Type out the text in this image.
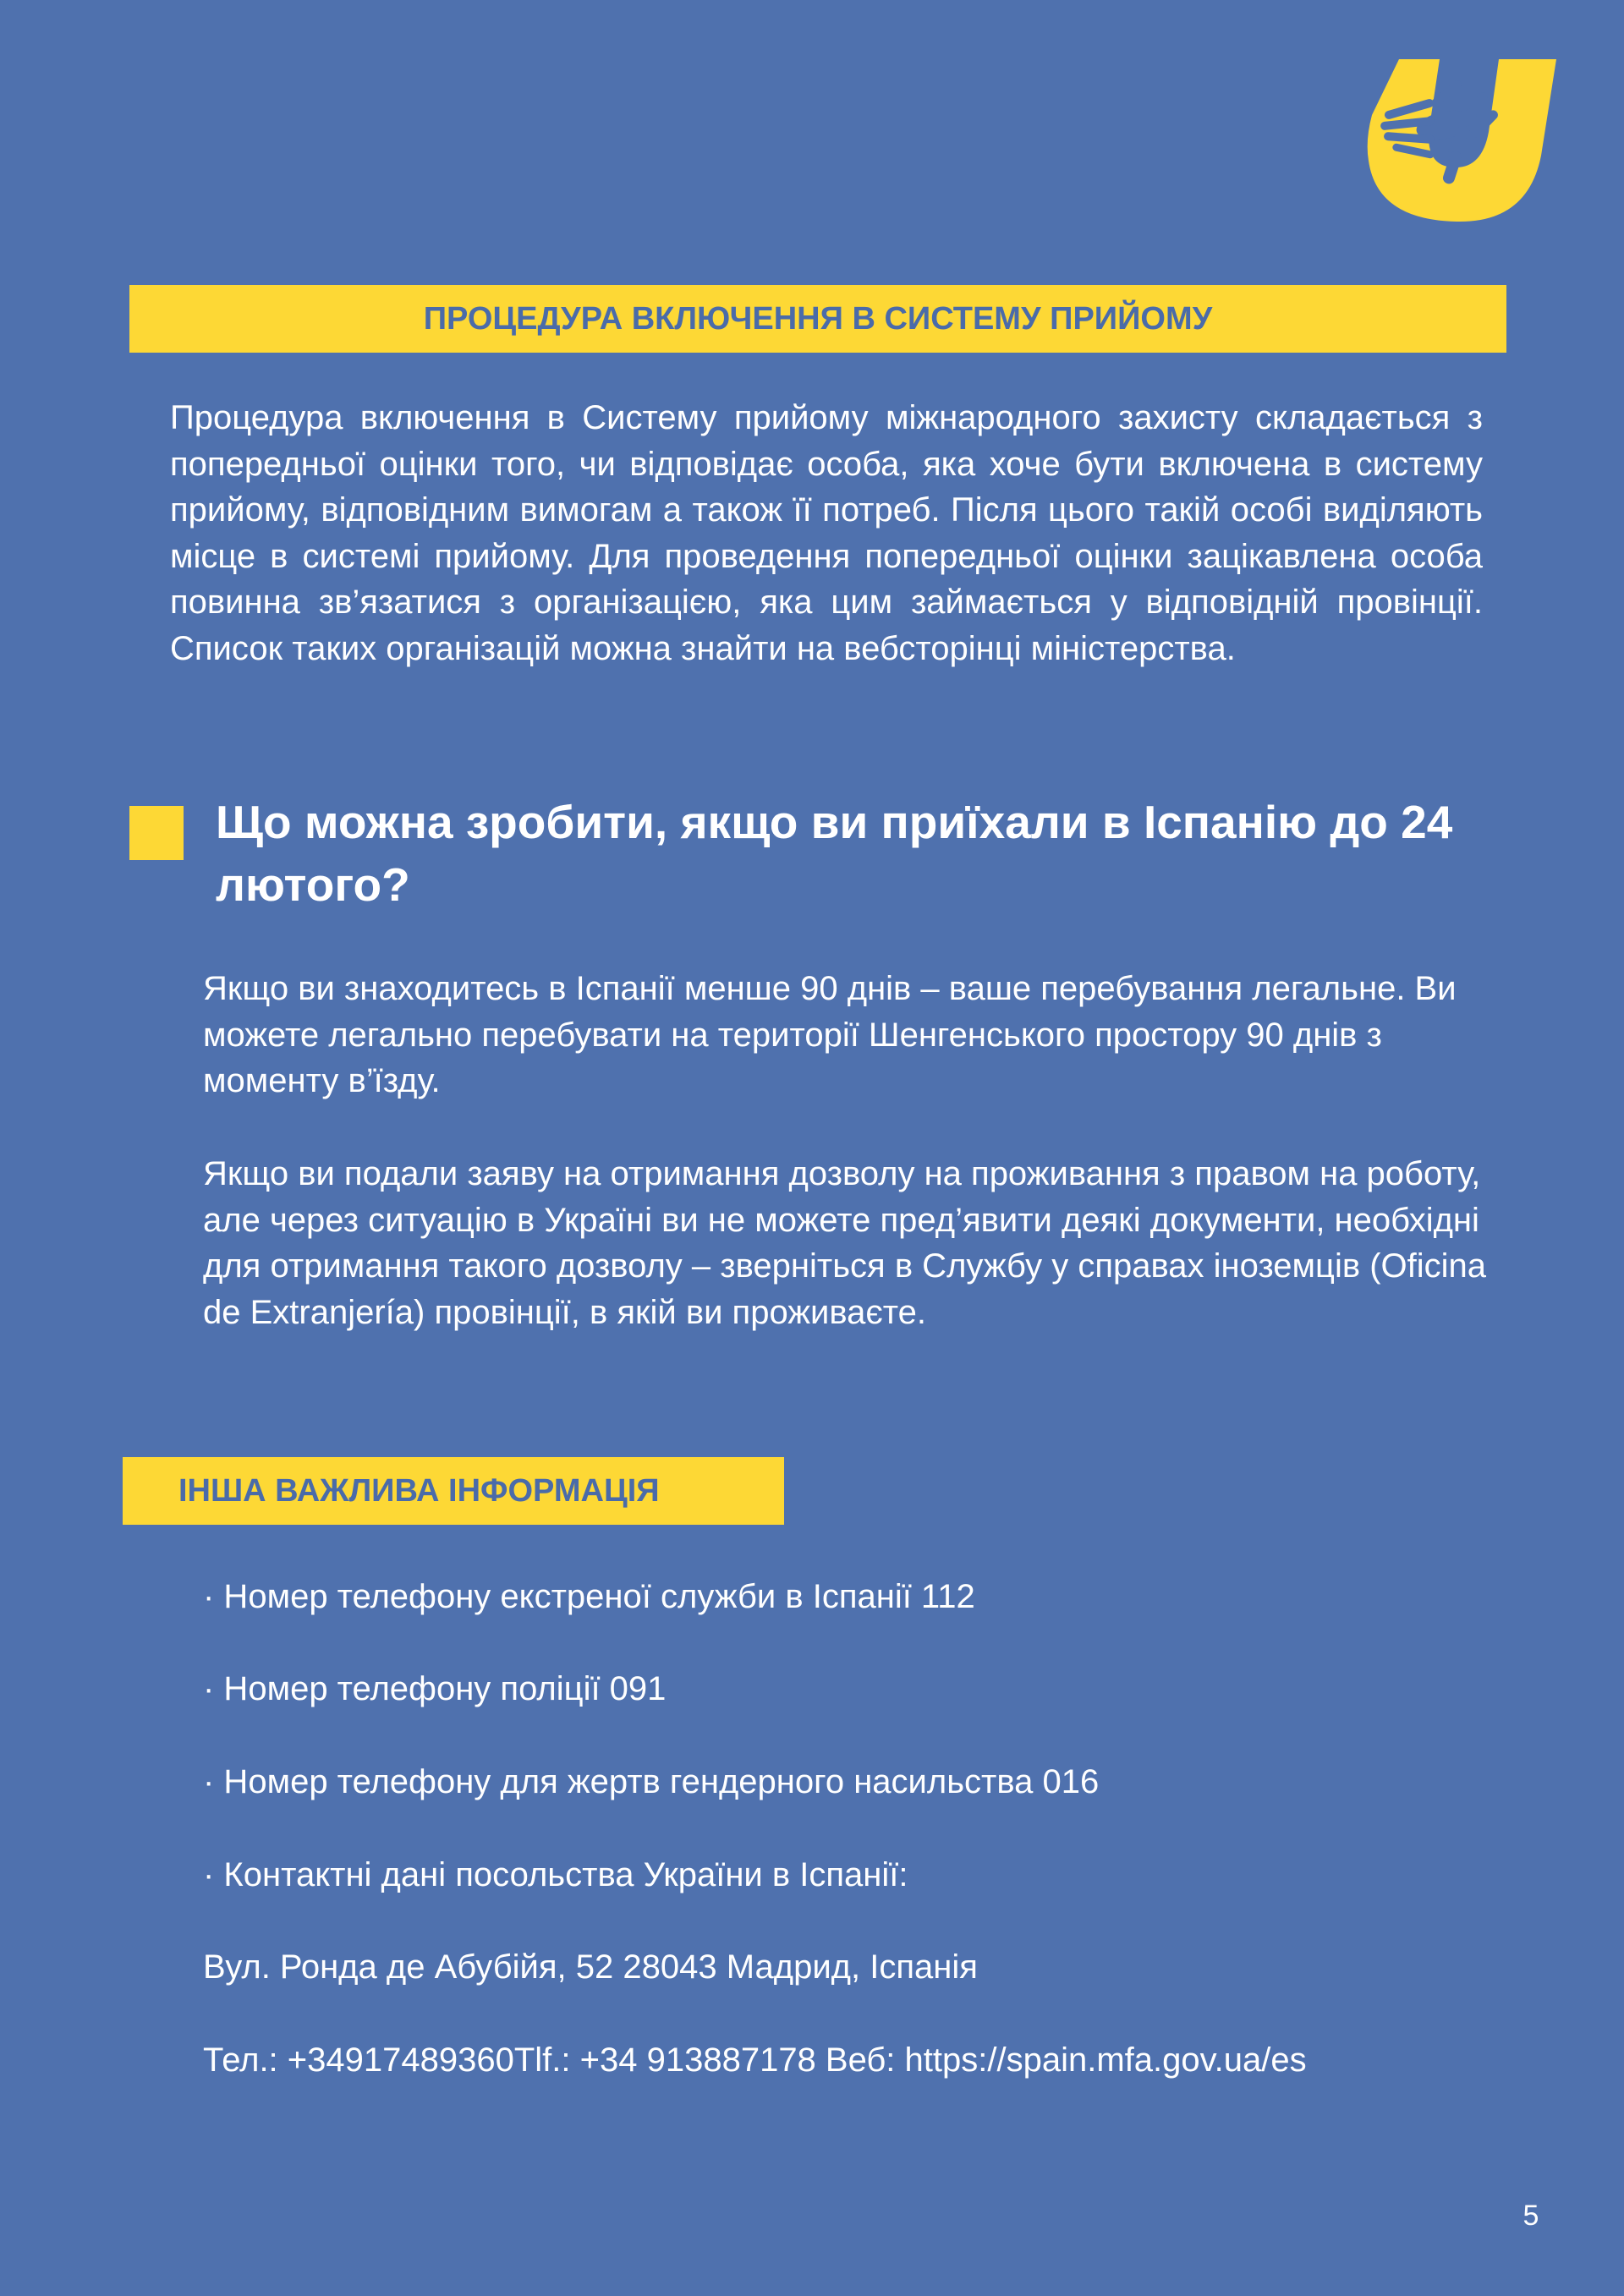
ПРОЦЕДУРА ВКЛЮЧЕННЯ В СИСТЕМУ ПРИЙОМУ

Процедура включення в Систему прийому міжнародного захисту складається з попередньої оцінки того, чи відповідає особа, яка хоче бути включена в систему прийому, відповідним вимогам а також її потреб. Після цього такій особі виділяють місце в системі прийому. Для проведення попередньої оцінки зацікавлена особа повинна зв’язатися з організацією, яка цим займається у відповідній провінції. Список таких організацій можна знайти на вебсторінці міністерства.

Що можна зробити, якщо ви приїхали в Іспанію до 24 лютого?

Якщо ви знаходитесь в Іспанії менше 90 днів – ваше перебування легальне. Ви можете легально перебувати на території Шенгенського простору 90 днів з моменту в’їзду.

Якщо ви подали заяву на отримання дозволу на проживання з правом на роботу, але через ситуацію в Україні ви не можете пред’явити деякі документи, необхідні для отримання такого дозволу – зверніться в Службу у справах іноземців (Oficina de Extranjería) провінції, в якій ви проживаєте.

ІНША ВАЖЛИВА ІНФОРМАЦІЯ
· Номер телефону екстреної служби в Іспанії 112
· Номер телефону поліції 091
· Номер телефону для жертв гендерного насильства 016
· Контактні дані посольства України в Іспанії:
Вул. Ронда де Абубійя, 52 28043 Мадрид, Іспанія
Тел.: +34917489360Tlf.: +34 913887178 Веб: https://spain.mfa.gov.ua/es
5
